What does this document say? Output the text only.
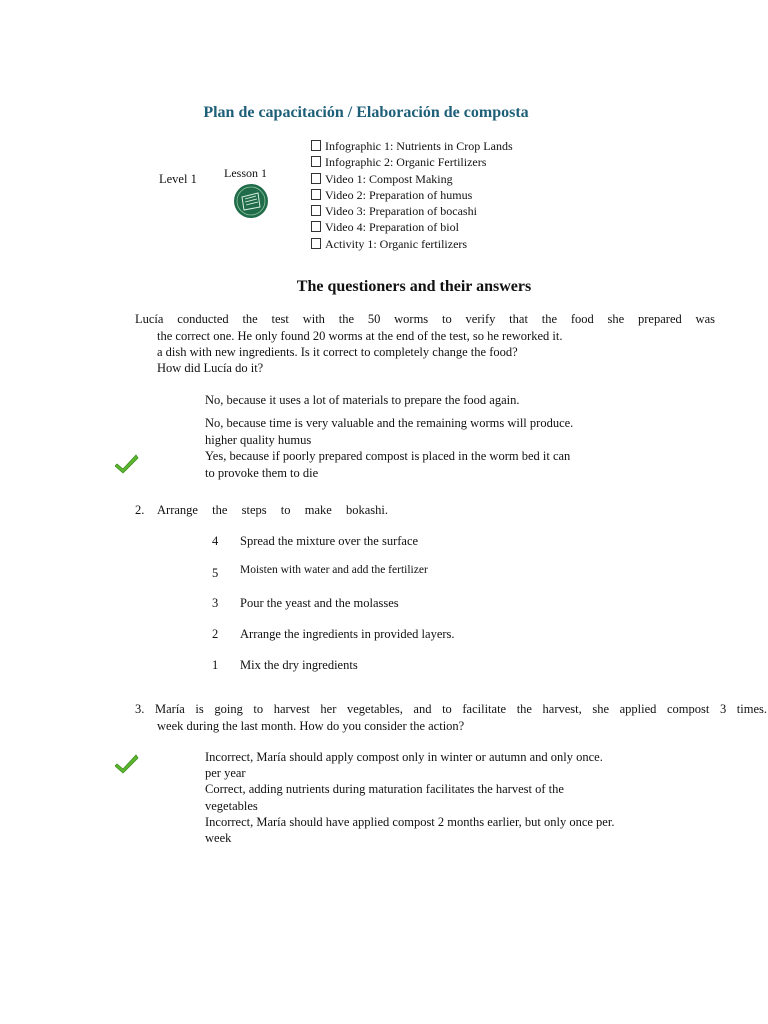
Plan de capacitación / Elaboración de composta
Level 1 Lesson 1
Infographic 1: Nutrients in Crop Lands
Infographic 2: Organic Fertilizers
Video 1: Compost Making
Video 2: Preparation of humus
Video 3: Preparation of bocashi
Video 4: Preparation of biol
Activity 1: Organic fertilizers
The questioners and their answers
Lucía conducted the test with the 50 worms to verify that the food she prepared was
the correct one. He only found 20 worms at the end of the test, so he reworked it.
a dish with new ingredients. Is it correct to completely change the food?
How did Lucía do it?
No, because it uses a lot of materials to prepare the food again.
No, because time is very valuable and the remaining worms will produce.
higher quality humus
Yes, because if poorly prepared compost is placed in the worm bed it can
to provoke them to die
2. Arrange the steps to make bokashi.
4 Spread the mixture over the surface
5 Moisten with water and add the fertilizer
3 Pour the yeast and the molasses
2 Arrange the ingredients in provided layers.
1 Mix the dry ingredients
3. María is going to harvest her vegetables, and to facilitate the harvest, she applied compost 3 times.
week during the last month. How do you consider the action?
Incorrect, María should apply compost only in winter or autumn and only once.
per year
Correct, adding nutrients during maturation facilitates the harvest of the
vegetables
Incorrect, María should have applied compost 2 months earlier, but only once per.
week
